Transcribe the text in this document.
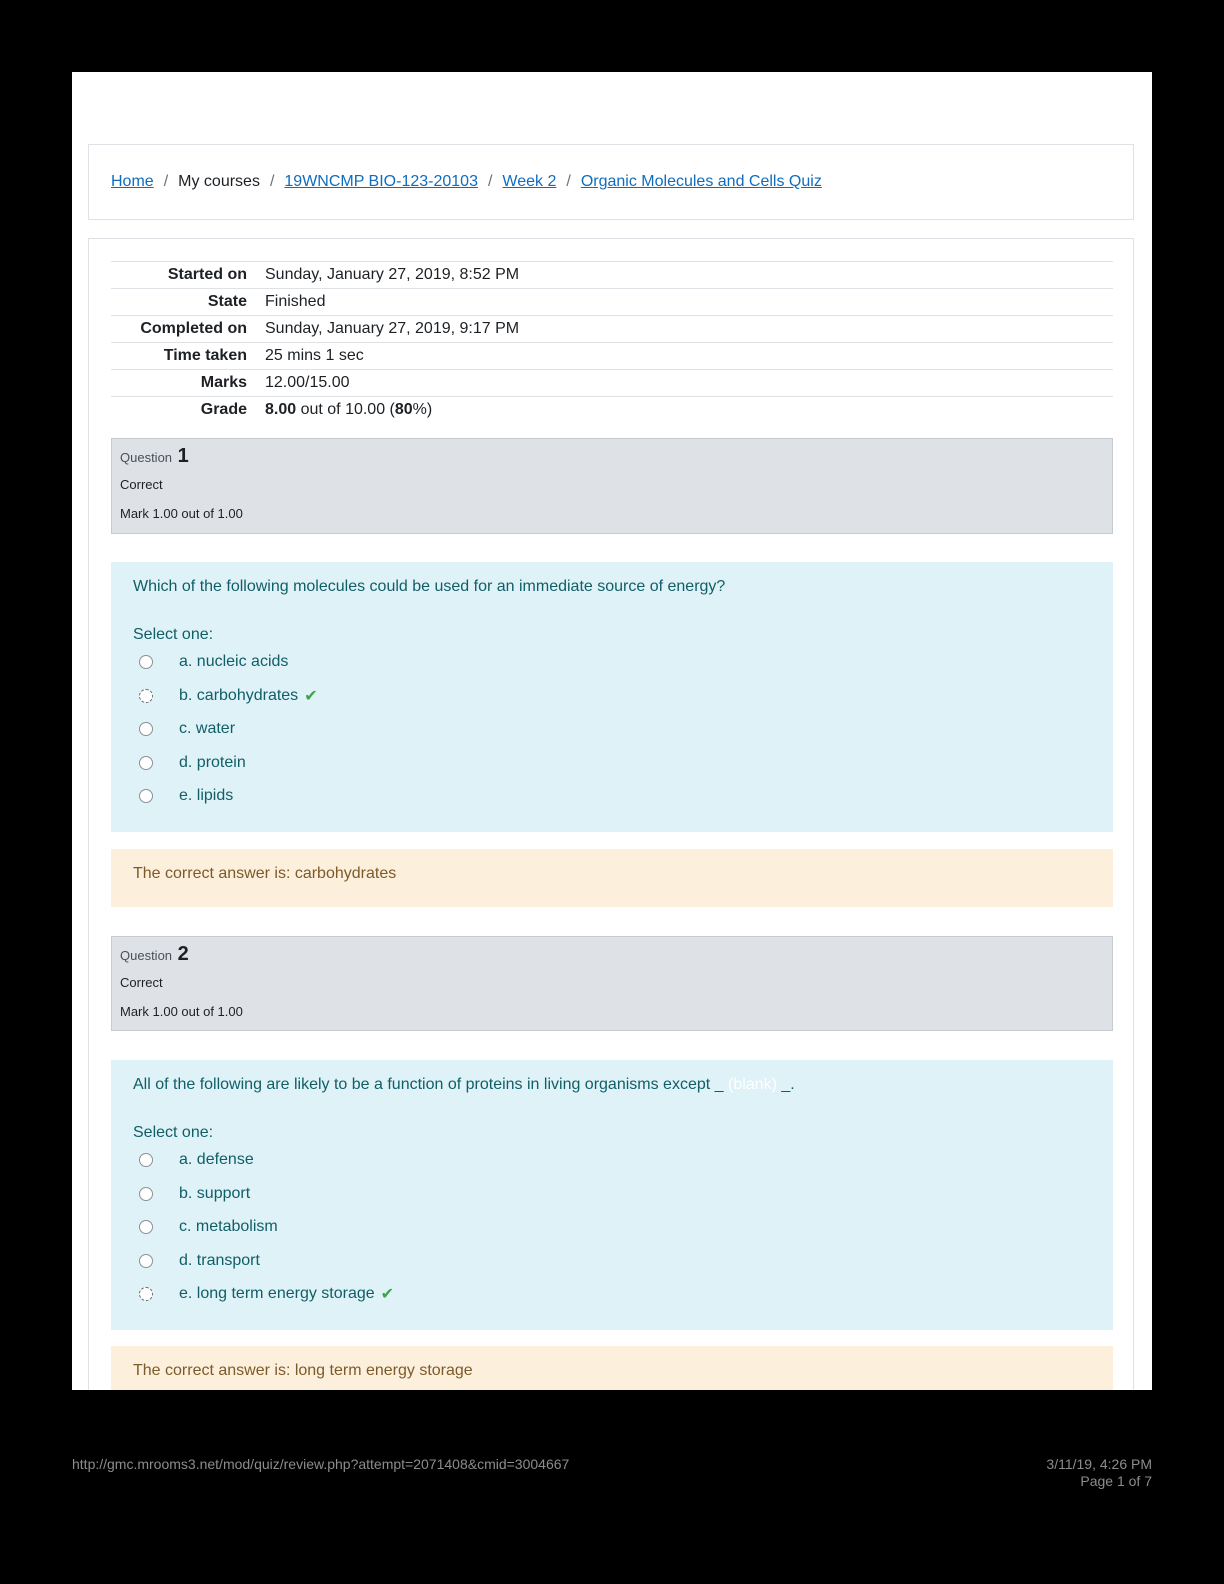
Home / My courses / 19WNCMP BIO-123-20103 / Week 2 / Organic Molecules and Cells Quiz
Started on	Sunday, January 27, 2019, 8:52 PM
State	Finished
Completed on	Sunday, January 27, 2019, 9:17 PM
Time taken	25 mins 1 sec
Marks	12.00/15.00
Grade	8.00 out of 10.00 (80%)
Question 1
Correct
Mark 1.00 out of 1.00
Which of the following molecules could be used for an immediate source of energy?
Select one:
a. nucleic acids
b. carbohydrates ✔
c. water
d. protein
e. lipids
The correct answer is: carbohydrates
Question 2
Correct
Mark 1.00 out of 1.00
All of the following are likely to be a function of proteins in living organisms except _ (blank) _.
Select one:
a. defense
b. support
c. metabolism
d. transport
e. long term energy storage ✔
The correct answer is: long term energy storage
http://gmc.mrooms3.net/mod/quiz/review.php?attempt=2071408&cmid=3004667	3/11/19, 4:26 PM
Page 1 of 7
